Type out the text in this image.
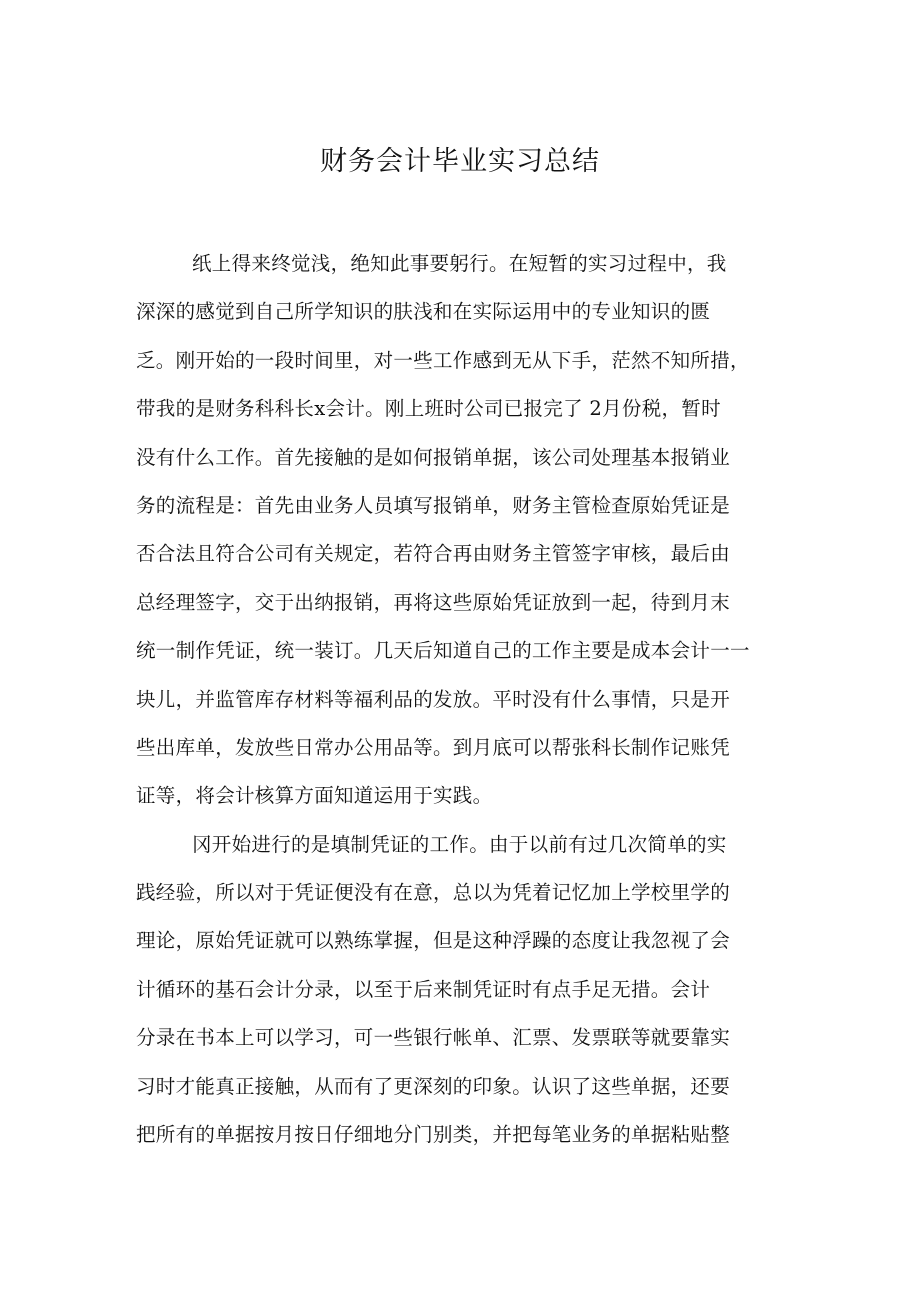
财务会计毕业实习总结
纸上得来终觉浅，绝知此事要躬行。在短暂的实习过程中，我
深深的感觉到自己所学知识的肤浅和在实际运用中的专业知识的匮
乏。刚开始的一段时间里，对一些工作感到无从下手，茫然不知所措，
带我的是财务科科长x会计。刚上班时公司已报完了 2月份税，暂时
没有什么工作。首先接触的是如何报销单据，该公司处理基本报销业
务的流程是：首先由业务人员填写报销单，财务主管检查原始凭证是
否合法且符合公司有关规定，若符合再由财务主管签字审核，最后由
总经理签字，交于出纳报销，再将这些原始凭证放到一起，待到月末
统一制作凭证，统一装订。几天后知道自己的工作主要是成本会计一一
块儿，并监管库存材料等福利品的发放。平时没有什么事情，只是开
些出库单，发放些日常办公用品等。到月底可以帮张科长制作记账凭
证等，将会计核算方面知道运用于实践。
冈开始进行的是填制凭证的工作。由于以前有过几次简单的实
践经验，所以对于凭证便没有在意，总以为凭着记忆加上学校里学的
理论，原始凭证就可以熟练掌握，但是这种浮躁的态度让我忽视了会
计循环的基石会计分录，以至于后来制凭证时有点手足无措。会计
分录在书本上可以学习，可一些银行帐单、汇票、发票联等就要靠实
习时才能真正接触，从而有了更深刻的印象。认识了这些单据，还要
把所有的单据按月按日仔细地分门别类，并把每笔业务的单据粘贴整
